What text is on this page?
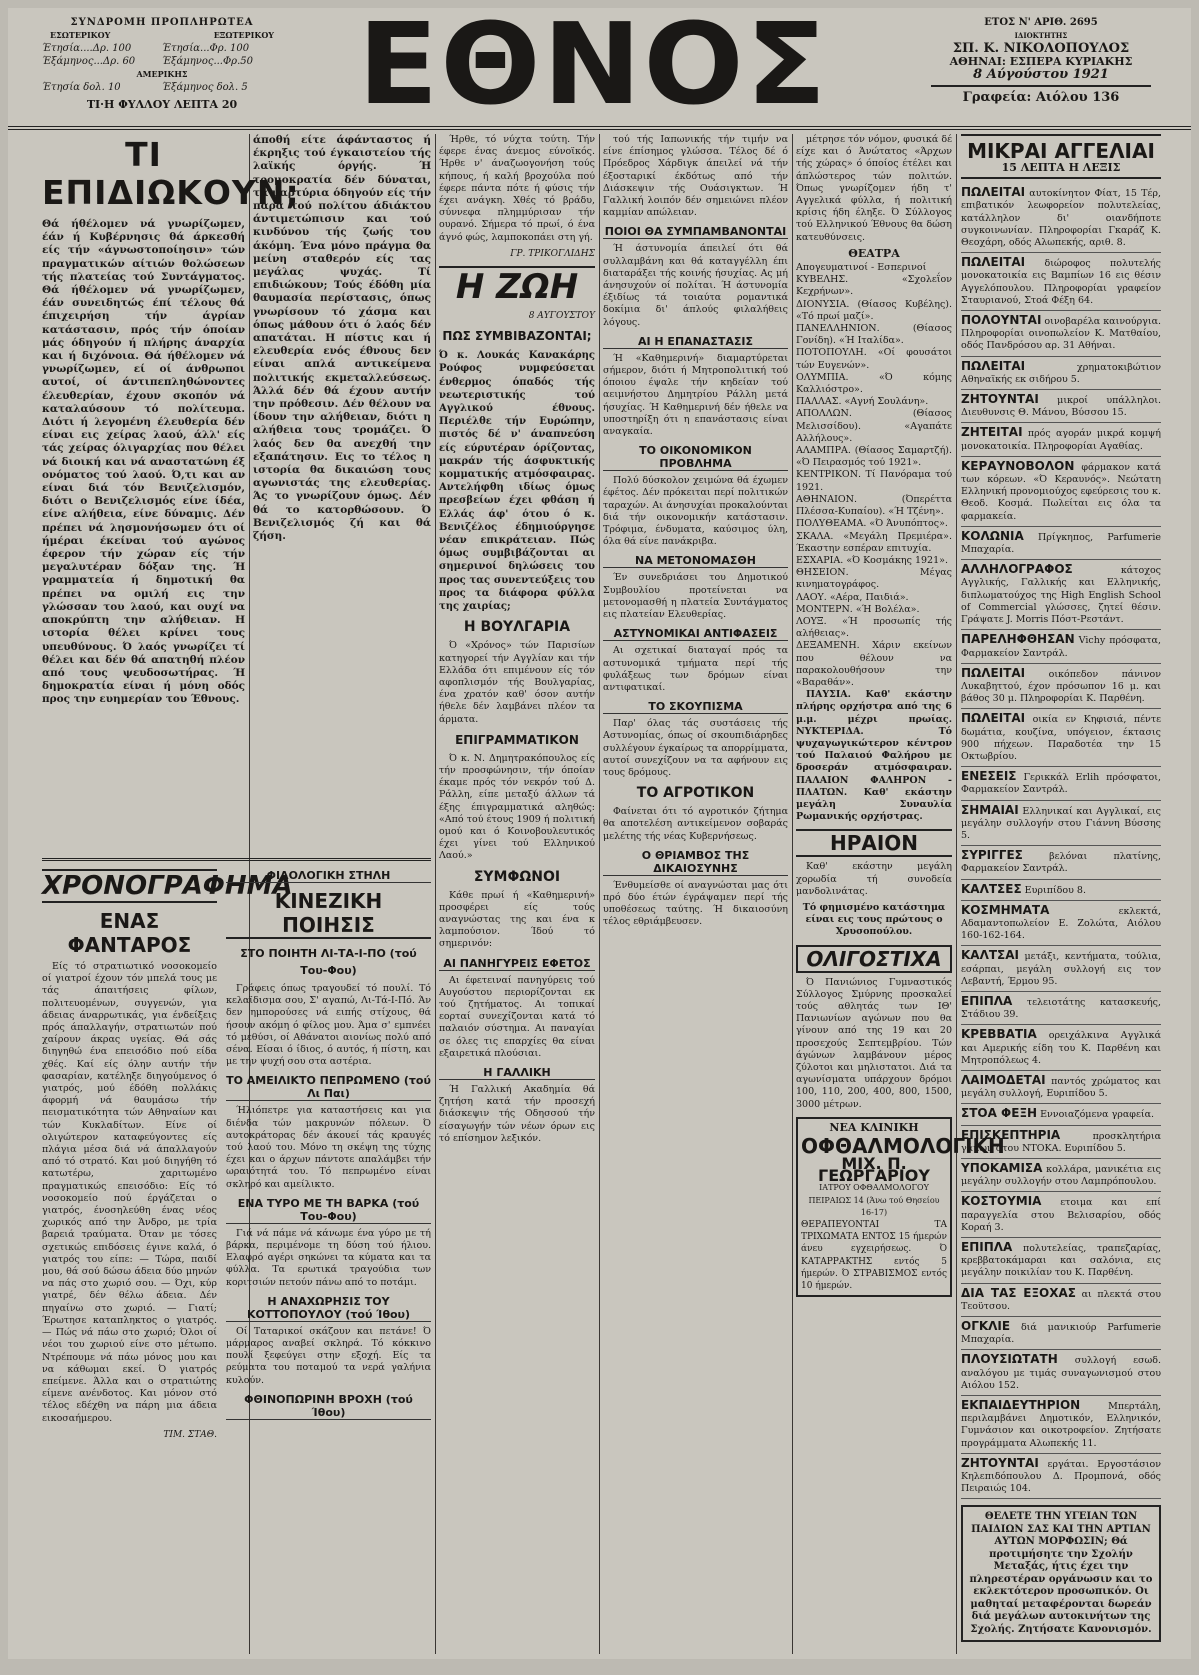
ΣΥΝΔΡΟΜΗ ΠΡΟΠΛΗΡΩΤΕΑ
ΕΣΩΤΕΡΙΚΟΥ	ΕΞΩΤΕΡΙΚΟΥ
Έτησία....Δρ. 100	Έτησία...Φρ. 100
Έξάμηνος...Δρ. 60	Έξάμηνος...Φρ.50
ΑΜΕΡΙΚΗΣ
Έτησία δολ. 10	Έξάμηνος δολ. 5
ΤΙ·Η ΦΥΛΛΟΥ ΛΕΠΤΑ 20	ΕΘΝΟΣ	ΕΤΟΣ Ν' ΑΡΙΘ. 2695
ΙΔΙΟΚΤΗΤΗΣ
ΣΠ. Κ. ΝΙΚΟΛΟΠΟΥΛΟΣ
ΑΘΗΝΑΙ: ΕΣΠΕΡΑ ΚΥΡΙΑΚΗΣ
8 Αύγούστου 1921
Γραφεία: Αιόλου 136
ΤΙ ΕΠΙΔΙΩΚΟΥΝ;
Θά ήθέλομεν νά γνωρίζωμεν, έάν ή Κυβέρνησις θά άρκεσθή είς τήν «άγνωστοποίησιν» τών πραγματικών αίτιών θολώσεων τής πλατείας τού Συντάγματος. Θά ήθέλομεν νά γνωρίζωμεν, έάν συνειδητώς έπί τέλους θά έπιχειρήση τήν άγρίαν κατάστασιν, πρός τήν όποίαν μάς όδηγούν ή πλήρης άναρχία και ή διχόνοια. Θά ήθέλομεν νά γνωρίζωμεν, εί οί άνθρωποι αυτοί, οί άντιπεπληθώνοντες έλευθερίαν, έχουν σκοπόν νά καταλαύσουν τό πολίτευμα. Διότι ή λεγομένη έλευθερία δέν είναι εις χείρας λαού, άλλ' είς τάς χείρας όλιγαρχίας που θέλει νά διοική και νά αναστατώνη έξ ονόματος τού λαού. Ό,τι και αν είναι διά τόν Βενιζελισμόν, διότι ο Βενιζελισμός είνε ίδέα, είνε αλήθεια, είνε δύναμις. Δέν πρέπει νά λησμονήσωμεν ότι οί ήμέραι έκείναι τού αγώνος έφερον τήν χώραν είς τήν μεγαλυτέραν δόξαν της. Ή γραμματεία ή δημοτική θα πρέπει να ομιλή εις την γλώσσαν του λαού, και ουχί να αποκρύπτη την αλήθειαν. Η ιστορία θέλει κρίνει τους υπευθύνους. Ό λαός γνωρίζει τί θέλει και δέν θά απατηθή πλέον από τους ψευδοσωτήρας. Ή δημοκρατία είναι ή μόνη οδός προς την ευημερίαν του Έθνους.
άποθή είτε άφάνταστος ή έκρηξις τού έγκαιστείου τής λαϊκής όργής. Ή τρομοκρατία δέν δύναται, τά μαρτύρια όδηγούν είς τήν παρά τού πολίτου άδιάκτου άντιμετώπισιν και τού κινδύνου τής ζωής του άκόμη. Ένα μόνο πράγμα θα μείνη σταθερόν είς τας μεγάλας ψυχάς. Τί επιδιώκουν; Τούς έδόθη μία θαυμασία περίστασις, όπως γνωρίσουν τό χάσμα και όπως μάθουν ότι ό λαός δέν απατάται. Η πίστις και ή ελευθερία ενός έθνους δεν είναι απλά αντικείμενα πολιτικής εκμεταλλεύσεως. Άλλά δέν θά έχουν αυτήν την πρόθεσιν. Δέν θέλουν να ίδουν την αλήθειαν, διότι η αλήθεια τους τρομάζει. Ό λαός δεν θα ανεχθή την εξαπάτησιν. Εις το τέλος η ιστορία θα δικαιώση τους αγωνιστάς της ελευθερίας. Άς το γνωρίζουν όμως. Δέν θά το κατορθώσουν. Ό Βενιζελισμός ζή και θά ζήση.
ΧΡΟΝΟΓΡΑΦΗΜΑ
ΕΝΑΣ ΦΑΝΤΑΡΟΣ

Είς τό στρατιωτικό νοσοκομείο οί γιατροί έχουν τόν μπελά τους με τάς άπαιτήσεις φίλων, πολιτευομένων, συγγενών, για άδειας άναρρωτικάς, για ένδείξεις πρός άπαλλαγήν, στρατιωτών πού χαίρουν άκρας υγείας. Θά σάς διηγηθώ ένα επεισόδιο πού είδα χθές. Καί είς όλην αυτήν τήν φασαρίαν, κατέληξε διηγούμενος ό γιατρός, μού έδόθη πολλάκις άφορμή νά θαυμάσω τήν πεισματικότητα τών Αθηναίων και τών Κυκλαδίτων. Είνε οί ολιγώτερον καταφεύγοντες είς πλάγια μέσα διά νά άπαλλαγούν από τό στρατό. Και μού διηγήθη τό κατωτέρω, χαριτωμένο πραγματικώς επεισόδιο: Είς τό νοσοκομείο πού έργάζεται ο γιατρός, ένοσηλεύθη ένας νέος χωρικός από την Άνδρο, με τρία βαρειά τραύματα. Όταν με τόσες σχετικώς επιδόσεις έγινε καλά, ό γιατρός του είπε: — Τώρα, παιδί μου, θά σού δώσω άδεια δύο μηνών να πάς στο χωριό σου. — Όχι, κύρ γιατρέ, δέν θέλω άδεια. Δέν πηγαίνω στο χωριό. — Γιατί; Έρωτησε καταπληκτος ο γιατρός. — Πώς νά πάω στο χωριό; Όλοι οί νέοι του χωριού είνε στο μέτωπο. Ντρέπουμε νά πάω μόνος μου και να κάθωμαι εκεί. Ό γιατρός επείμενε. Άλλα και ο στρατιώτης είμενε ανένδοτος. Και μόνον στό τέλος εδέχθη να πάρη μια άδεια εικοσαήμερου.

ΤΙΜ. ΣΤΑΘ.
ΦΙΛΟΛΟΓΙΚΗ ΣΤΗΛΗ
ΚΙΝΕΖΙΚΗ ΠΟΙΗΣΙΣ
ΣΤΟ ΠΟΙΗΤΗ ΛΙ-ΤΑ-Ι-ΠΟ (τού Του-Φου)

Γράφεις όπως τραγουδεί τό πουλί. Τό κελαϊδισμα σου, Σ' αγαπώ, Λι-Τά-Ι-Πό. Άν δεν ημπορούσες νά ειπής στίχους, θά ήσουν ακόμη ό φίλος μου. Άμα σ' εμπνέει τό μεθύσι, οί Αθάνατοι αιονίως πολύ από σένα. Είσαι ό ίδιος, ό αυτός, ή πίστη, και με την ψυχή σου στα αστέρια.

ΤΟ ΑΜΕΙΛΙΚΤΟ ΠΕΠΡΩΜΕΝΟ (τού Λι Παι)

Ήλιόπετρε για καταστήσεις και για διένδα τών μακρυνών πόλεων. Ό αυτοκράτορας δέν άκουεί τάς κραυγές τού λαού του. Μόνο τη σκέψη της τύχης έχει και ο άρχων πάντοτε απαλάμβει τήν ωραιότητά του. Τό πεπρωμένο είναι σκληρό και αμείλικτο.

ΕΝΑ ΤΥΡΟ ΜΕ ΤΗ ΒΑΡΚΑ (τού Του-Φου)

Γιά νά πάμε νά κάνωμε ένα γύρο με τή βάρκα, περιμένομε τη δύση τού ήλιου. Ελαφρό αγέρι σηκώνει τα κύματα και τα φύλλα. Τα ερωτικά τραγούδια των κοριτσιών πετούν πάνω από το ποτάμι.

Η ΑΝΑΧΩΡΗΣΙΣ ΤΟΥ ΚΟΤΤΟΠΟΥΛΟΥ (τού Ίθου)

Οί Ταταρικοί σκάζουν και πετάνε! Ό μάρμαρος αναβεί σκληρά. Τό κόκκινο πουλί ξεφεύγει στην εξοχή. Είς τα ρεύματα του ποταμού τα νερά γαλήνια κυλούν.

ΦΘΙΝΟΠΩΡΙΝΗ ΒΡΟΧΗ (τού Ίθου)

Ήρθε, τό νύχτα τούτη. Τήν έφερε ένας άνεμος εύνοϊκός. Ήρθε ν' άναζωογονήση τούς κήπους, ή καλή βροχούλα πού έφερε πάντα πότε ή φύσις τήν έχει ανάγκη. Χθές τό βράδυ, σύννεφα πλημμύρισαν τήν ουρανό. Σήμερα τό πρωί, ό ένα άγνό φώς, λαμποκοπάει στη γή.

ΓΡ. ΤΡΙΚΟΓΛΙΔΗΣ
Η ΖΩΗ
8 ΑΥΓΟΥΣΤΟΥ
ΠΩΣ ΣΥΜΒΙΒΑΖΟΝΤΑΙ;
Ό κ. Λουκάς Κανακάρης Ρούφος νυμφεύσεται ένθερμος όπαδός τής νεωτεριστικής τού Αγγλικού έθνους. Περιέλθε τήν Ευρώπην, πιστός δέ ν' άναπνεύση είς εύρυτέραν όρίζοντας, μακράν τής άσφυκτικής κομματικής ατμόσφαιρας. Αντελήφθη ιδίως όμως πρεσβείων έχει φθάση ή Ελλάς άφ' ότου ό κ. Βενιζέλος έδημιούργησε νέαν επικράτειαν. Πώς όμως συμβιβάζονται αι σημερινοί δηλώσεις του προς τας συνεντεύξεις του προς τα διάφορα φύλλα της χαιρίας;
Η ΒΟΥΛΓΑΡΙΑ

Ό «Χρόνος» τών Παρισίων κατηγορεί τήν Αγγλίαν και τήν Ελλάδα ότι επιμένουν είς τόν αφοπλισμόν τής Βουλγαρίας, ένα χρατόν καθ' όσον αυτήν ήθελε δέν λαμβάνει πλέον τα άρματα.

ΕΠΙΓΡΑΜΜΑΤΙΚΟΝ

Ό κ. Ν. Δημητρακόπουλος είς τήν προσφώνησιν, τήν όποίαν έκαμε πρός τόν νεκρόν τού Δ. Ράλλη, είπε μεταξύ άλλων τά έξης έπιγραμματικά αληθώς: «Από τού έτους 1909 ή πολιτική ομού και ό Κοινοβουλευτικός έχει γίνει τού Ελληνικού Λαού.»

ΣΥΜΦΩΝΟΙ

Κάθε πρωί ή «Καθημερινή» προσφέρει είς τούς αναγνώστας της και ένα κ λαμπούσιον. Ίδού τό σημερινόν:

ΑΙ ΠΑΝΗΓΥΡΕΙΣ ΕΦΕΤΟΣ

Αι έφετειναί πανηγύρεις τού Αυγούστου περιορίζονται εκ τού ζητήματος. Αι τοπικαί εορταί συνεχίζονται κατά τό παλαιόν σύστημα. Αι παναγίαι σε όλες τις επαρχίες θα είναι εξαιρετικά πλούσιαι.

Η ΓΑΛΛΙΚΗ

Ή Γαλλική Ακαδημία θά ζητήση κατά τήν προσεχή διάσκεψιν τής Οδησσού τήν είσαγωγήν τών νέων όρων εις τό επίσημον λεξικόν.

τού τής Ιαπωνικής τήν τιμήν να είνε έπίσημος γλώσσα. Τέλος δέ ό Πρόεδρος Χάρδιγκ άπειλεί νά τήν έξοσταρικί έκδότως από τήν Διάσκεψιν τής Ουάσιγκτων. Ή Γαλλική λοιπόν δέν σημειώνει πλέον καμμίαν απώλειαν.

ΠΟΙΟΙ ΘΑ ΣΥΜΠΑΜΒΑΝΟΝΤΑΙ

Ή άστυνομία άπειλεί ότι θά συλλαμβάνη και θά καταγγέλλη έπι διαταράξει τής κοινής ήσυχίας. Ας μή άνησυχούν οί πολίται. Ή άστυνομία έξιδίως τά τοιαύτα ρομαντικά δοκίμια δι' άπλούς φιλαλήθεις λόγους.

ΑΙ Η ΕΠΑΝΑΣΤΑΣΙΣ

Ή «Καθημερινή» διαμαρτύρεται σήμερον, διότι ή Μητροπολιτική τού όποιου έψαλε τήν κηδείαν τού αειμνήστου Δημητρίου Ράλλη μετά ήσυχίας. Ή Καθημερινή δέν ήθελε να υποστηρίξη ότι η επανάστασις είναι αναγκαία.

ΤΟ ΟΙΚΟΝΟΜΙΚΟΝ ΠΡΟΒΛΗΜΑ

Πολύ δύσκολον χειμώνα θά έχωμεν έφέτος. Δέν πρόκειται περί πολιτικών ταραχών. Αι άνησυχίαι προκαλούνται διά τήν οικονομικήν κατάστασιν. Τρόφιμα, ένδυματα, καύσιμος ύλη, όλα θά είνε πανάκριβα.

ΝΑ ΜΕΤΟΝΟΜΑΣΘΗ

Έν συνεδριάσει του Δημοτικού Συμβουλίου προτείνεται να μετονομασθή η πλατεία Συντάγματος εις πλατείαν Ελευθερίας.

ΑΣΤΥΝΟΜΙΚΑΙ ΑΝΤΙΦΑΣΕΙΣ

Αι σχετικαί διαταγαί πρός τα αστυνομικά τμήματα περί τής φυλάξεως των δρόμων είναι αντιφατικαί.

ΤΟ ΣΚΟΥΠΙΣΜΑ

Παρ' όλας τάς συστάσεις τής Αστυνομίας, όπως οί σκουπιδιάρηδες συλλέγουν έγκαίρως τα απορρίμματα, αυτοί συνεχίζουν να τα αφήνουν εις τους δρόμους.

ΤΟ ΑΓΡΟΤΙΚΟΝ

Φαίνεται ότι τό αγροτικόν ζήτημα θα αποτελέση αντικείμενον σοβαράς μελέτης τής νέας Κυβερνήσεως.

Ο ΘΡΙΑΜΒΟΣ ΤΗΣ ΔΙΚΑΙΟΣΥΝΗΣ

Ένθυμείσθε οί αναγνώσται μας ότι πρό δύο έτών έγράψαμεν περί τής υποθέσεως ταύτης. Ή δικαιοσύνη τέλος εθριάμβευσεν.

μέτρησε τόν νόμον, φυσικά δέ είχε και ό Άνώτατος «Άρχων τής χώρας» ό όποίος έτέλει και άπλώστερος τών πολιτών. Όπως γνωρίζομεν ήδη τ' Αγγελικά φύλλα, ή πολιτική κρίσις ήδη έληξε. Ό Σύλλογος τού Ελληνικού Έθνους θα δώση κατευθύνσεις.

ΘΕΑΤΡΑ
Απογευματινοί - Εσπερινοί
ΚΥΒΕΛΗΣ. «Σχολεΐον Κεχρήνων».
ΔΙΟΝΥΣΙΑ. (Θίασος Κυβέλης). «Τό πρωί μαζί».
ΠΑΝΕΛΛΗΝΙΟΝ. (Θίασος Γονίδη). «Ή Ιταλίδα».
ΠΟΤΟΠΟΥΛΗ. «Οί φουσάτοι τών Ευγενών».
ΟΛΥΜΠΙΑ. «Ό κόμης Καλλιόστρο».
ΠΑΛΛΑΣ. «Αγνή Σουλάνη».
ΑΠΟΛΛΩΝ. (Θίασος Μελισσίδου). «Αγαπάτε Αλλήλους».
ΑΛΑΜΠΡΑ. (Θίασος Σαμαρτζή). «Ό Πειρασμός τού 1921».
ΚΕΝΤΡΙΚΟΝ. Τί Πανόραμα τού 1921.
ΑΘΗΝΑΙΟΝ. (Όπερέττα Πλέσσα-Κυπαίου). «Ή Τζένη».
ΠΟΛΥΘΕΑΜΑ. «Ό Άνυπόπτος».
ΣΚΑΛΑ. «Μεγάλη Πρεμιέρα». Έκαστην εσπέραν επιτυχία.
ΕΣΧΑΡΙΑ. «Ό Κοσμάκης 1921».
ΘΗΣΕΙΟΝ. Μέγας κινηματογράφος.
ΛΑΟΥ. «Αέρα, Παιδιά».
ΜΟΝΤΕΡΝ. «Ή Βολέλα».
ΛΟΥΞ. «Ή προσωπίς τής αλήθειας».
ΔΕΞΑΜΕΝΗ. Χάριν εκείνων που θέλουν να παρακολουθήσουν την «Βαραθάν».

ΠΑΥΣΙΑ. Καθ' εκάστην πλήρης ορχήστρα από της 6 μ.μ. μέχρι πρωίας. ΝΥΚΤΕΡΙΔΑ. Τό ψυχαγωγικώτερον κέντρον τού Παλαιού Φαλήρου με δροσεράν ατμόσφαιραν. ΠΑΛΑΙΟΝ ΦΑΛΗΡΟΝ - ΠΛΑΤΩΝ. Καθ' εκάστην μεγάλη Συναυλία Ρωμανικής ορχήστρας.

ΗΡΑΙΟΝ

Καθ' εκάστην μεγάλη χορωδία τή συνοδεία μανδολινάτας.

Τό φημισμένο κατάστημα είναι εις τους πρώτους ο Χρυσοπούλου.

ΟΛΙΓΟΣΤΙΧΑ

Ό Πανιώνιος Γυμναστικός Σύλλογος Σμύρνης προσκαλεί τούς αθλητάς των ΙΘ' Πανιωνίων αγώνων που θα γίνουν από της 19 και 20 προσεχούς Σεπτεμβρίου. Τών άγώνων λαμβάνουν μέρος ζύλοτοι και μηλιστατοι. Διά τα αγωνίσματα υπάρχουν δρόμοι 100, 110, 200, 400, 800, 1500, 3000 μέτρων.

ΝΕΑ ΚΛΙΝΙΚΗ
ΟΦΘΑΛΜΟΛΟΓΙΚΗ
ΜΙΧ. Π. ΓΕΩΡΓΑΡΙΟΥ
ΙΑΤΡΟΥ ΟΦΘΑΛΜΟΛΟΓΟΥ ΠΕΙΡΑΙΩΣ 14 (Άνω τού Θησείου 16-17)
ΘΕΡΑΠΕΥΟΝΤΑΙ ΤΑ ΤΡΙΧΩΜΑΤΑ ΕΝΤΟΣ 15 ήμερών άνευ εγχειρήσεως. Ό ΚΑΤΑΡΡΑΚΤΗΣ εντός 5 ήμερών. Ό ΣΤΡΑΒΙΣΜΟΣ εντός 10 ήμερών.
ΜΙΚΡΑΙ ΑΓΓΕΛΙΑΙ
15 ΛΕΠΤΑ Η ΛΕΞΙΣ
ΠΩΛΕΙΤΑΙ αυτοκίνητον Φίατ, 15 Τέρ, επιβατικόν λεωφορείον πολυτελείας, κατάλληλον δι' οιανδήποτε συγκοινωνίαν. Πληροφορίαι Γκαράζ Κ. Θεοχάρη, οδός Αλωπεκής, αριθ. 8.
ΠΩΛΕΙΤΑΙ διώροφος πολυτελής μονοκατοικία εις Βαμπίων 16 εις θέσιν Αγγελόπουλου. Πληροφορίαι γραφείον Σταυριανού, Στοά Φέξη 64.
ΠΟΛΟΥΝΤΑΙ οινοβαρέλα καινούργια. Πληροφορίαι οινοπωλείον Κ. Ματθαίου, οδός Πανδρόσου αρ. 31 Αθήναι.
ΠΩΛΕΙΤΑΙ χρηματοκιβώτιον Αθηναϊκής εκ σιδήρου 5.
ΖΗΤΟΥΝΤΑΙ μικροί υπάλληλοι. Διευθυνσις Θ. Μάνου, Βύσσου 15.
ΖΗΤΕΙΤΑΙ πρός αγοράν μικρά κομψή μονοκατοικία. Πληροφορίαι Αγαθίας.
ΚΕΡΑΥΝΟΒΟΛΟΝ φάρμακον κατά των κόρεων. «Ό Κεραυνός». Νεώτατη Ελληνική προνομιούχος εφεύρεσις του κ. Θεοδ. Κοσμά. Πωλείται εις όλα τα φαρμακεία.
ΚΟΛΩΝΙΑ Πρίγκηπος, Parfumerie Μπαχαρία.
ΑΛΛΗΛΟΓΡΑΦΟΣ κάτοχος Αγγλικής, Γαλλικής και Ελληνικής, διπλωματούχος της High English School of Commercial γλώσσες, ζητεί θέσιν. Γράψατε J. Morris Πόστ-Ρεστάντ.
ΠΑΡΕΛΗΦΘΗΣΑΝ Vichy πρόσφατα, Φαρμακείον Σαντράλ.
ΠΩΛΕΙΤΑΙ οικόπεδον πάνινον Λυκαβηττού, έχον πρόσωπον 16 μ. και βάθος 30 μ. Πληροφορίαι Κ. Παρθένη.
ΠΩΛΕΙΤΑΙ οικία εν Κηφισιά, πέντε δωμάτια, κουζίνα, υπόγειον, έκτασις 900 πήχεων. Παραδοτέα την 15 Οκτωβρίου.
ΕΝΕΣΕΙΣ Γερικκάλ Erlih πρόσφατοι, Φαρμακείον Σαντράλ.
ΣΗΜΑΙΑΙ Ελληνικαί και Αγγλικαί, εις μεγάλην συλλογήν στου Γιάννη Βύσσης 5.
ΣΥΡΙΓΓΕΣ βελόναι πλατίνης, Φαρμακείον Σαντράλ.
ΚΑΛΤΣΕΣ Ευριπίδου 8.
ΚΟΣΜΗΜΑΤΑ εκλεκτά, Αδαμαντοπωλείον Ε. Ζολώτα, Αιόλου 160-162-164.
ΚΑΛΤΣΑΙ μετάξι, κεντήματα, τούλια, εσάρπαι, μεγάλη συλλογή εις τον Λεβαντή, Έρμου 95.
ΕΠΙΠΛΑ τελειοτάτης κατασκευής, Στάδιου 39.
ΚΡΕΒΒΑΤΙΑ ορειχάλκινα Αγγλικά και Αμερικής είδη του Κ. Παρθένη και Μητροπόλεως 4.
ΛΑΙΜΟΔΕΤΑΙ παντός χρώματος και μεγάλη συλλογή, Ευριπίδου 5.
ΣΤΟΑ ΦΕΞΗ Εννοιαζόμενα γραφεία.
ΕΠΙΣΚΕΠΤΗΡΙΑ προσκλητήρια γάμων στου ΝΤΟΚΑ. Ευριπίδου 5.
ΥΠΟΚΑΜΙΣΑ κολλάρα, μανικέτια εις μεγάλην συλλογήν στου Λαμπρόπουλου.
ΚΟΣΤΟΥΜΙΑ ετοιμα και επί παραγγελία στου Βελισαρίου, οδός Κοραή 3.
ΕΠΙΠΛΑ πολυτελείας, τραπεζαρίας, κρεββατοκάμαραι και σαλόνια, εις μεγάλην ποικιλίαν του Κ. Παρθένη.
ΔΙΑ ΤΑΣ ΕΞΟΧΑΣ αι πλεκτά στου Τεοϋτσου.
ΟΓΚΛΙΕ διά μανικιούρ Parfumerie Μπαχαρία.
ΠΛΟΥΣΙΩΤΑΤΗ συλλογή εσωδ. αναλόγου με τιμάς συναγωνισμού στου Αιόλου 152.
ΕΚΠΑΙΔΕΥΤΗΡΙΟΝ Μπερτάλη, περιλαμβάνει Δημοτικόν, Ελληνικόν, Γυμνάσιον και οικοτροφείον. Ζητήσατε προγράμματα Αλωπεκής 11.
ΖΗΤΟΥΝΤΑΙ εργάται. Εργοστάσιον Κηλεπιδόπουλου Δ. Προμπονά, οδός Πειραιώς 104.
ΘΕΛΕΤΕ ΤΗΝ ΥΓΕΙΑΝ ΤΩΝ ΠΑΙΔΙΩΝ ΣΑΣ ΚΑΙ ΤΗΝ ΑΡΤΙΑΝ ΑΥΤΩΝ ΜΟΡΦΩΣΙΝ; Θά προτιμήσητε την Σχολήν Μεταξάς, ήτις έχει την πληρεστέραν οργάνωσιν και το εκλεκτότερον προσωπικόν. Οι μαθηταί μεταφέρονται δωρεάν διά μεγάλων αυτοκινήτων της Σχολής. Ζητήσατε Κανονισμόν.
